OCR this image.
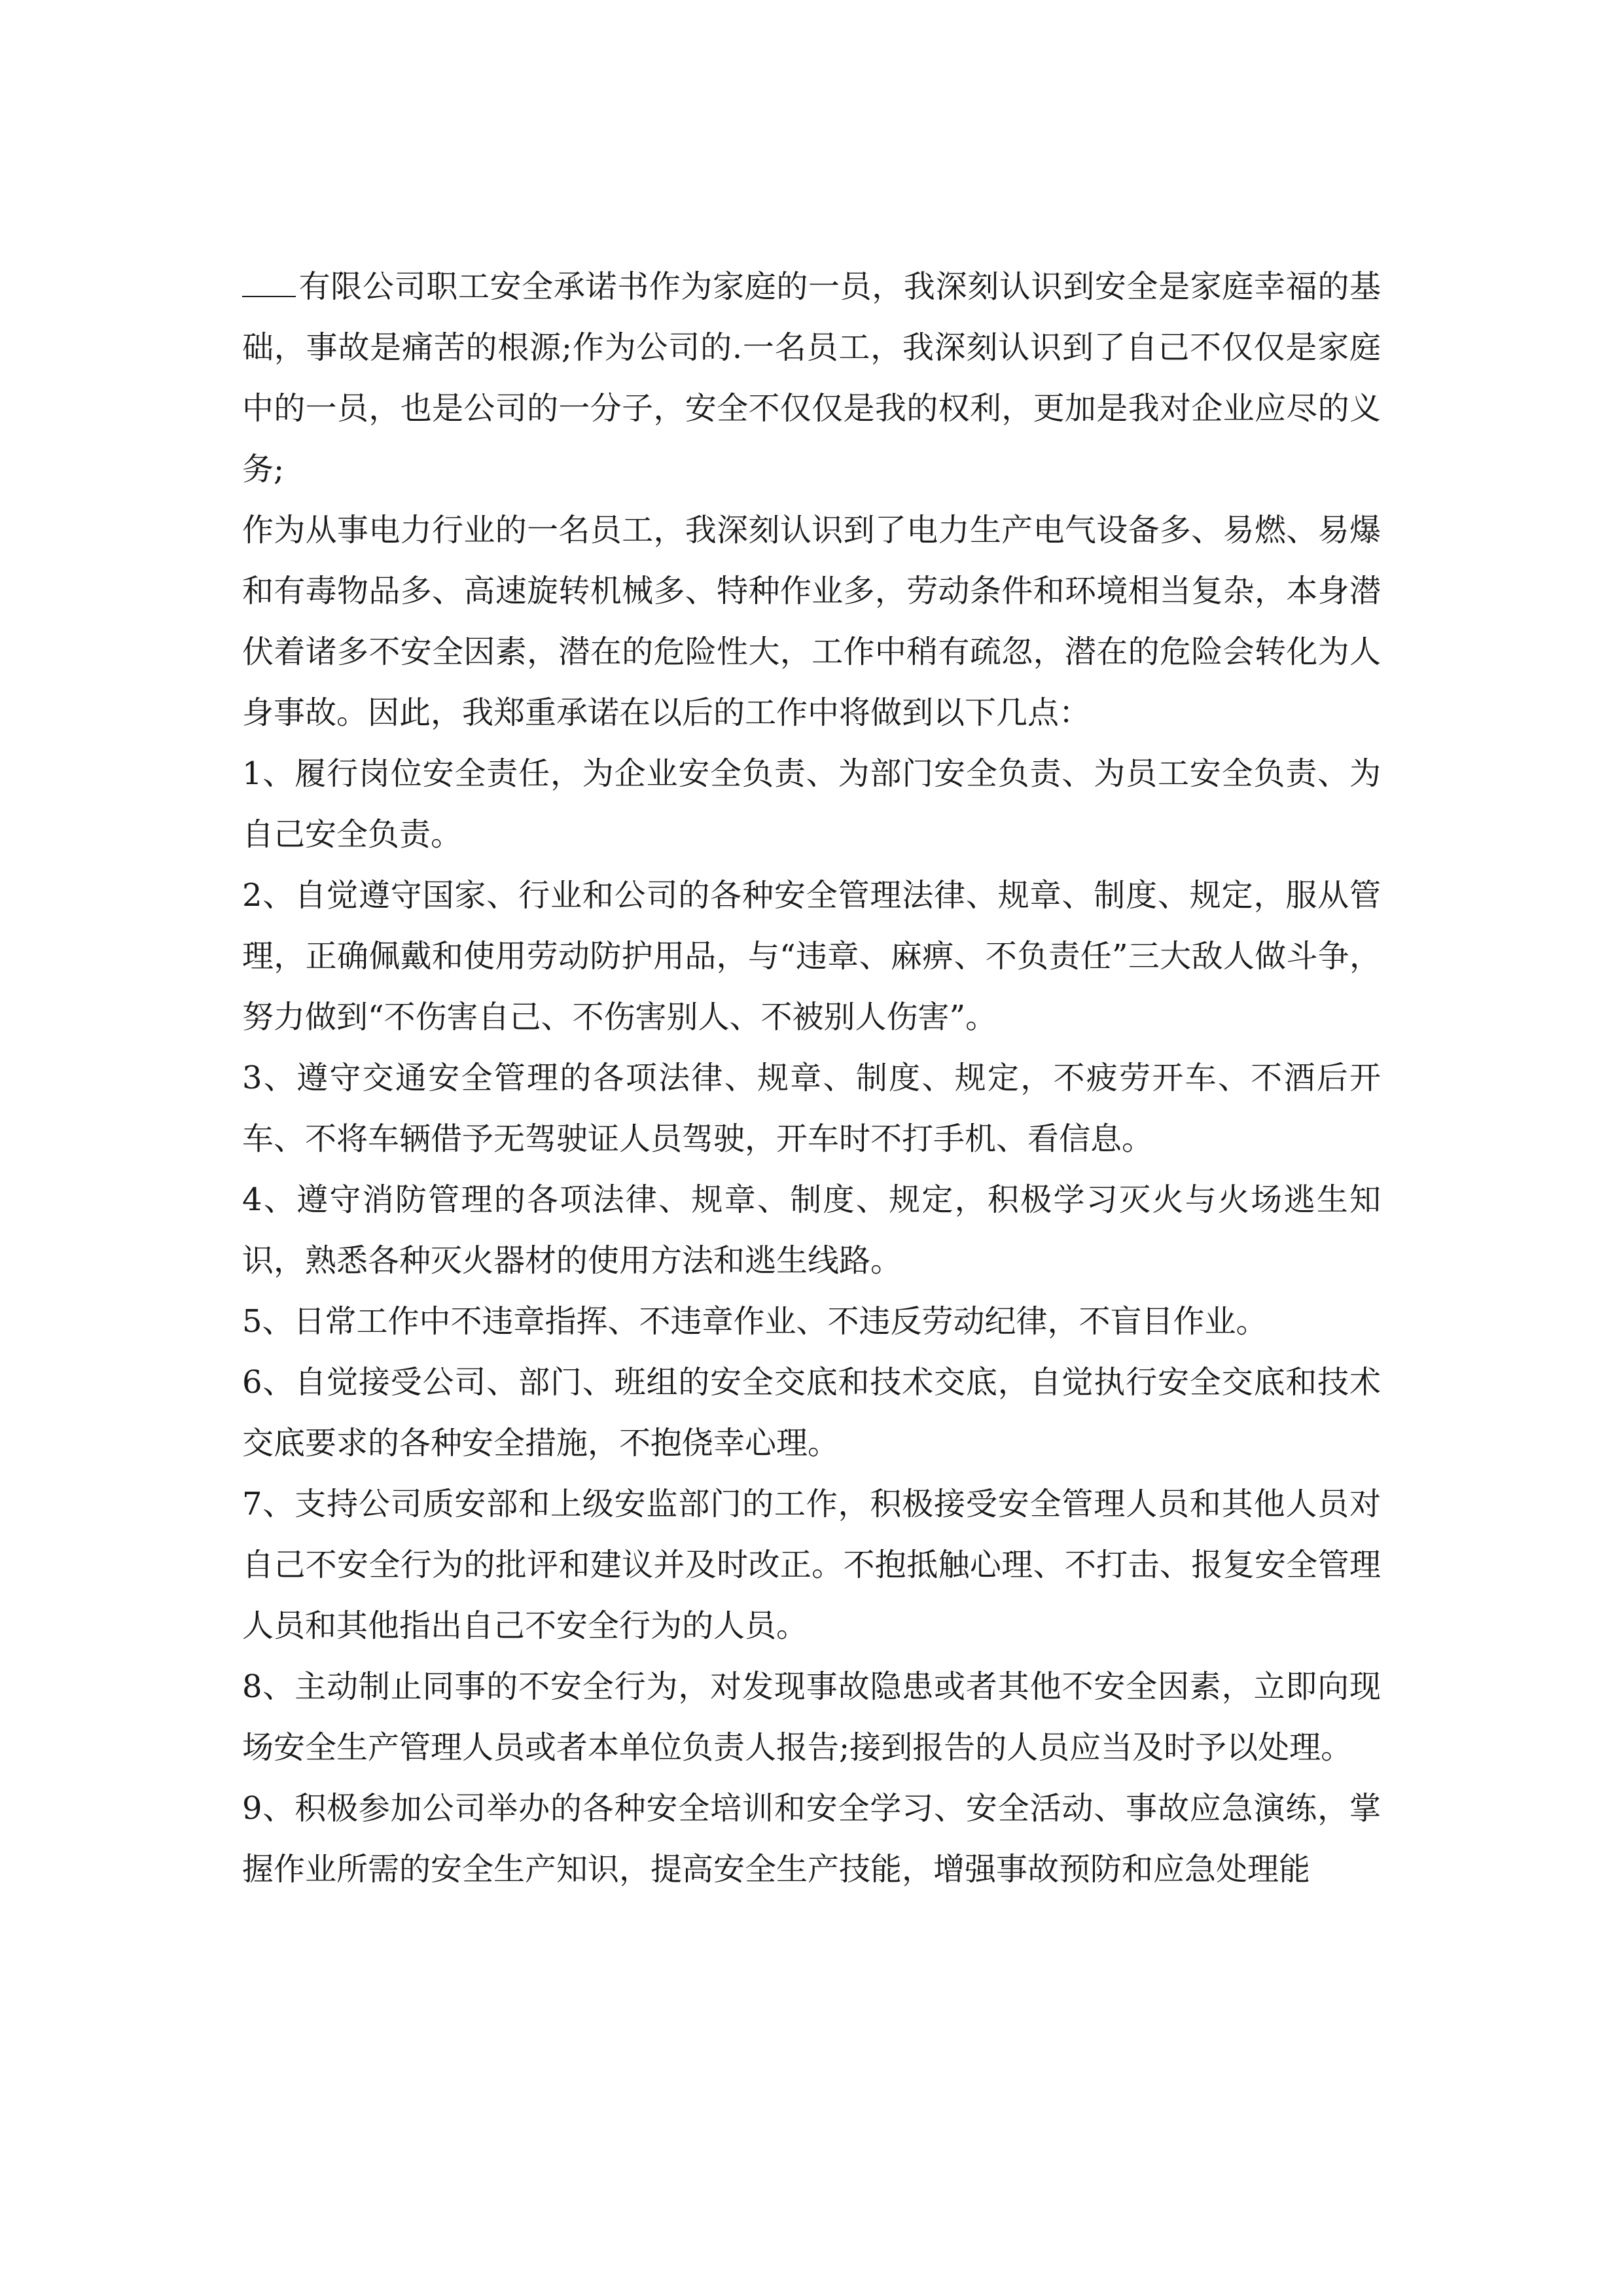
有限公司职工安全承诺书作为家庭的一员，我深刻认识到安全是家庭幸福的基础，事故是痛苦的根源;作为公司的.一名员工，我深刻认识到了自己不仅仅是家庭中的一员，也是公司的一分子，安全不仅仅是我的权利，更加是我对企业应尽的义务;

作为从事电力行业的一名员工，我深刻认识到了电力生产电气设备多、易燃、易爆和有毒物品多、高速旋转机械多、特种作业多，劳动条件和环境相当复杂，本身潜伏着诸多不安全因素，潜在的危险性大，工作中稍有疏忽，潜在的危险会转化为人身事故。因此，我郑重承诺在以后的工作中将做到以下几点：

1、履行岗位安全责任，为企业安全负责、为部门安全负责、为员工安全负责、为自己安全负责。

2、自觉遵守国家、行业和公司的各种安全管理法律、规章、制度、规定，服从管理，正确佩戴和使用劳动防护用品，与“违章、麻痹、不负责任”三大敌人做斗争，努力做到“不伤害自己、不伤害别人、不被别人伤害”。

3、遵守交通安全管理的各项法律、规章、制度、规定，不疲劳开车、不酒后开车、不将车辆借予无驾驶证人员驾驶，开车时不打手机、看信息。

4、遵守消防管理的各项法律、规章、制度、规定，积极学习灭火与火场逃生知识，熟悉各种灭火器材的使用方法和逃生线路。

5、日常工作中不违章指挥、不违章作业、不违反劳动纪律，不盲目作业。

6、自觉接受公司、部门、班组的安全交底和技术交底，自觉执行安全交底和技术交底要求的各种安全措施，不抱侥幸心理。

7、支持公司质安部和上级安监部门的工作，积极接受安全管理人员和其他人员对自己不安全行为的批评和建议并及时改正。不抱抵触心理、不打击、报复安全管理人员和其他指出自己不安全行为的人员。

8、主动制止同事的不安全行为，对发现事故隐患或者其他不安全因素，立即向现场安全生产管理人员或者本单位负责人报告;接到报告的人员应当及时予以处理。

9、积极参加公司举办的各种安全培训和安全学习、安全活动、事故应急演练，掌握作业所需的安全生产知识，提高安全生产技能，增强事故预防和应急处理能
